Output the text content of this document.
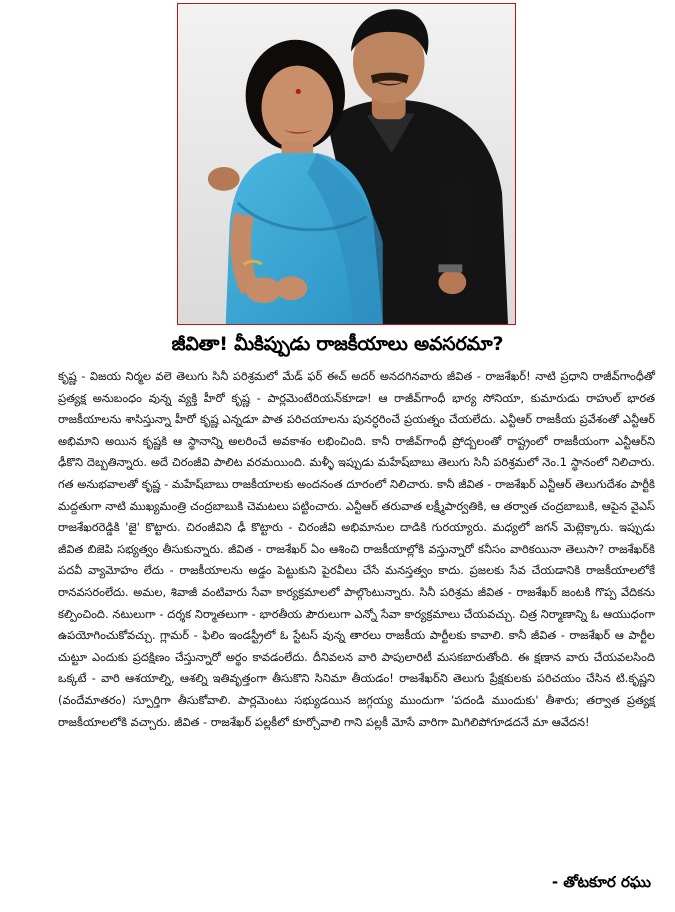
జీవితా! మీకిప్పుడు రాజకీయాలు అవసరమా?
కృష్ణ - విజయ నిర్మల వలె తెలుగు సినీ పరిశ్రమలో మేడ్ ఫర్ ఈచ్ అదర్ అనదగినవారు జీవిత - రాజశేఖర్! నాటి ప్రధాని రాజీవ్‌గాంధీతో ప్రత్యక్ష అనుబంధం వున్న వ్యక్తి హీరో కృష్ణ - పార్లమెంటేరియన్‌కూడా! ఆ రాజీవ్‌గాంధీ భార్య సోనియా, కుమారుడు రాహుల్ భారత రాజకీయాలను శాసిస్తున్నా హీరో కృష్ణ ఎన్నడూ పాత పరిచయాలను పునర్ధరించే ప్రయత్నం చేయలేదు. ఎన్టీఆర్ రాజకీయ ప్రవేశంతో ఎన్టీఆర్ అభిమాని అయిన కృష్ణకి ఆ స్థానాన్ని అలరించే అవకాశం లభించింది. కానీ రాజీవ్‌గాంధీ ప్రోద్బలంతో రాష్ట్రంలో రాజకీయంగా ఎన్టీఆర్‌ని ఢీకొని దెబ్బతిన్నారు. అదే చిరంజీవి పాలిట వరమయింది. మళ్ళీ ఇప్పుడు మహేష్‌బాబు తెలుగు సినీ పరిశ్రమలో నెం.1 స్థానంలో నిలిచారు. గత అనుభవాలతో కృష్ణ - మహేష్‌బాబు రాజకీయాలకు అందనంత దూరంలో నిలిచారు. కానీ జీవిత - రాజశేఖర్ ఎన్టీఆర్ తెలుగుదేశం పార్టీకి మద్దతుగా నాటి ముఖ్యమంత్రి చంద్రబాబుకి చెమటలు పట్టించారు. ఎన్టీఆర్ తరువాత లక్ష్మీపార్వతికి, ఆ తర్వాత చంద్రబాబుకి, ఆపైన వైఎస్ రాజశేఖరరెడ్డికి 'జై' కొట్టారు. చిరంజీవిని ఢీ కొట్టారు - చిరంజీవి అభిమానుల దాడికి గురయ్యారు. మధ్యలో జగన్ మెట్లెక్కారు. ఇప్పుడు జీవిత బిజెపి సభ్యత్వం తీసుకున్నారు. జీవిత - రాజశేఖర్ ఏం ఆశించి రాజకీయాల్లోకి వస్తున్నారో కనీసం వారికయినా తెలుసా? రాజశేఖర్‌కి పదవీ వ్యామోహం లేదు - రాజకీయాలను అడ్డం పెట్టుకుని పైరవీలు చేసే మనస్తత్వం కాదు. ప్రజలకు సేవ చేయడానికి రాజకీయాలలోకే రానవసరంలేదు. అమల, శివాజీ వంటివారు సేవా కార్యక్రమాలలో పాల్గొంటున్నారు. సినీ పరిశ్రమ జీవిత - రాజశేఖర్ జంటకి గొప్ప వేదికను కల్పించింది. నటులుగా - దర్శక నిర్మాతలుగా - భారతీయ పౌరులుగా ఎన్నో సేవా కార్యక్రమాలు చేయవచ్చు. చిత్ర నిర్మాణాన్ని ఓ ఆయుధంగా ఉపయోగించుకోవచ్చు. గ్లామర్ - ఫిలిం ఇండస్ట్రీలో ఓ స్టేటస్ వున్న తారలు రాజకీయ పార్టీలకు కావాలి. కానీ జీవిత - రాజశేఖర్ ఆ పార్టీల చుట్టూ ఎందుకు ప్రదక్షిణం చేస్తున్నారో అర్థం కావడంలేదు. దీనివలన వారి పాపులారిటీ మసకబారుతోంది. ఈ క్షణాన వారు చేయవలసింది ఒక్కటే - వారి ఆశయాల్ని, ఆశల్ని ఇతివృత్తంగా తీసుకొని సినిమా తీయడం! రాజశేఖర్‌ని తెలుగు ప్రేక్షకులకు పరిచయం చేసిన టి.కృష్ణని (వందేమాతరం) స్పూర్తిగా తీసుకోవాలి. పార్లమెంటు సభ్యుడయిన జగ్గయ్య ముందుగా 'పదండి ముందుకు' తీశారు; తర్వాత ప్రత్యక్ష రాజకీయాలలోకి వచ్చారు. జీవిత - రాజశేఖర్ పల్లకీలో కూర్చోవాలి గాని పల్లకీ మోసే వారిగా మిగిలిపోగూడదనే మా ఆవేదన!
- తోటకూర రఘు
